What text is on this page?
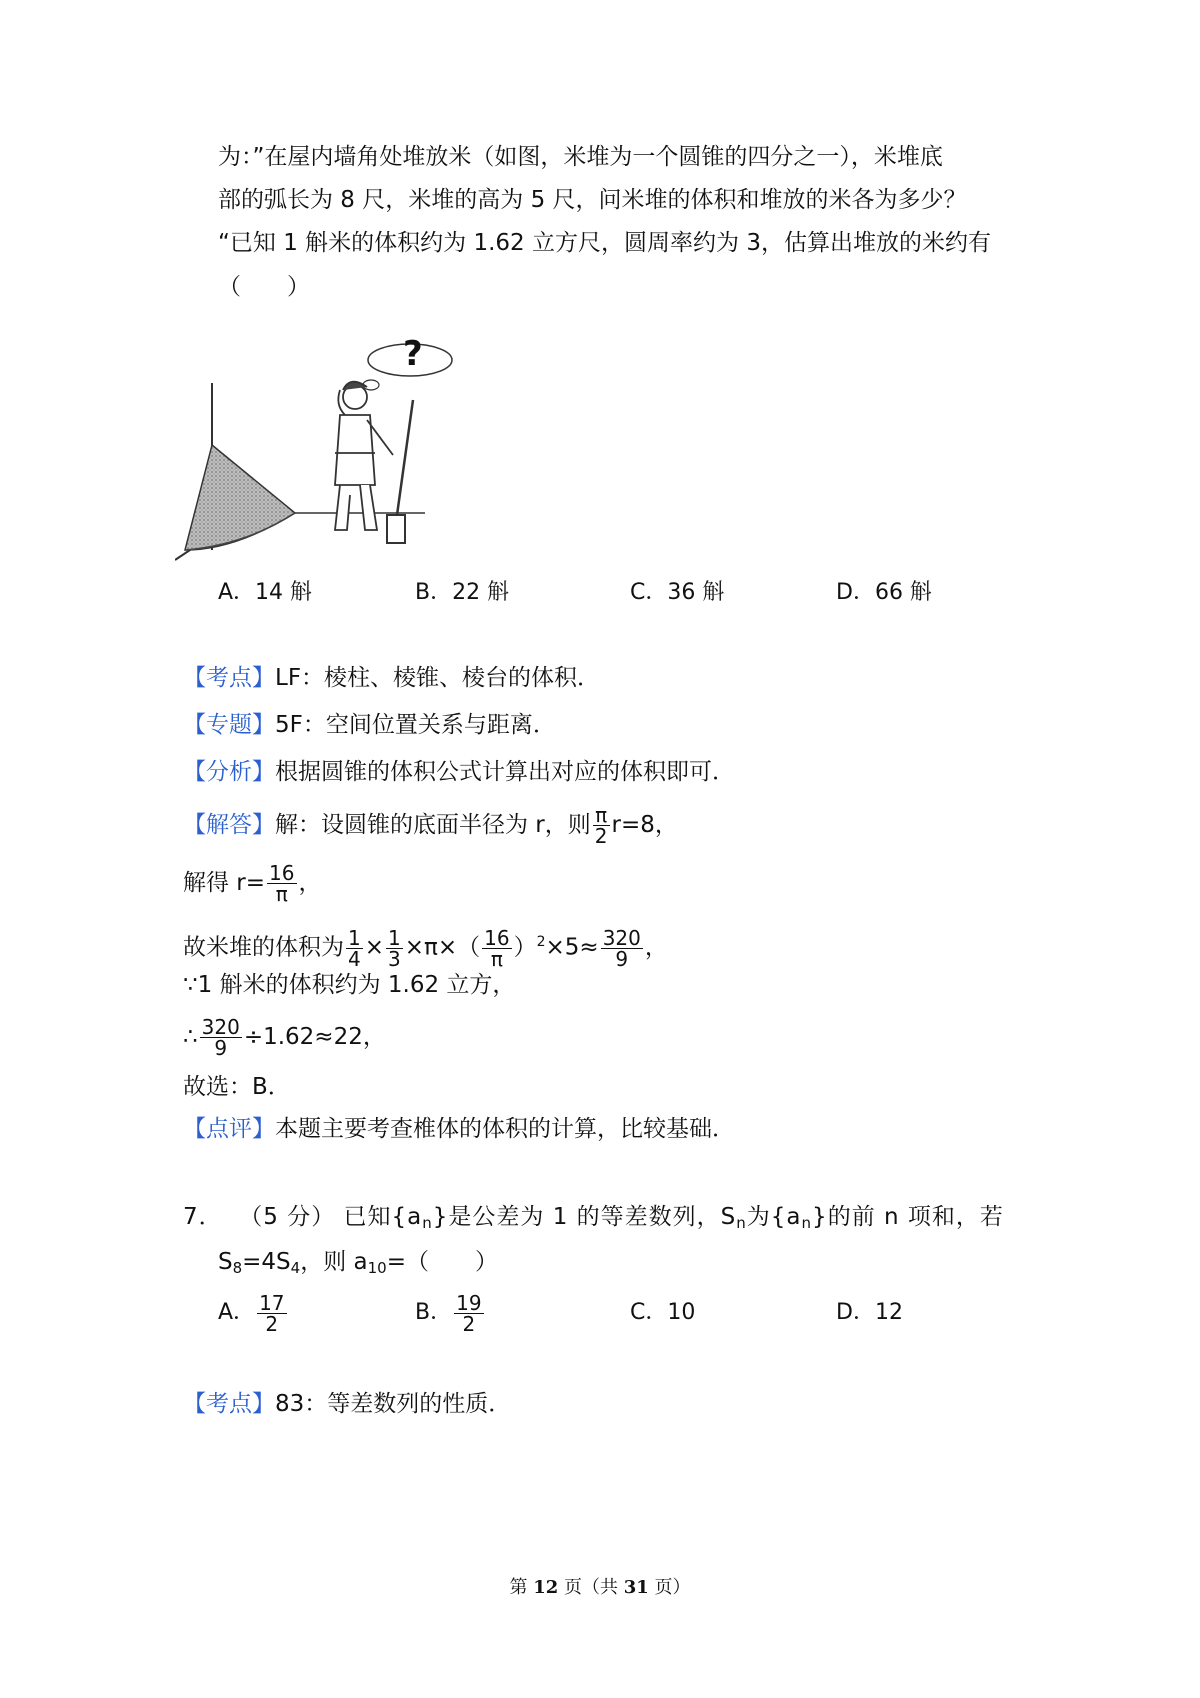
为：”在屋内墙角处堆放米（如图，米堆为一个圆锥的四分之一），米堆底
部的弧长为 8 尺，米堆的高为 5 尺，问米堆的体积和堆放的米各为多少？
“已知 1 斛米的体积约为 1.62 立方尺，圆周率约为 3，估算出堆放的米约有
（　　）
?
A．14 斛	B．22 斛	C．36 斛	D．66 斛
【考点】LF：棱柱、棱锥、棱台的体积．
【专题】5F：空间位置关系与距离．
【分析】根据圆锥的体积公式计算出对应的体积即可．
【解答】解：设圆锥的底面半径为 r，则 $\frac{\pi}{2} r=8$，
解得 $r= \frac{16}{\pi}$ ，
故米堆的体积为 $\frac{1}{4} \times \frac{1}{3} \times\pi\times( \frac{16}{\pi} )^2\times 5\approx \frac{320}{9}$ ，
∵1 斛米的体积约为 1.62 立方，
∴ $\frac{320}{9} \div 1.62\approx 22$，
故选：B．
【点评】本题主要考查椎体的体积的计算，比较基础．
7． （5 分） 已知$\{a_n\}$是公差为 1 的等差数列，$S_n$为$\{a_n\}$的前 n 项和，若
$S_8=4S_4$，则 $a_{10}=$（　　）
A． $\frac{17}{2}$	B． $\frac{19}{2}$	C．10	D．12
【考点】83：等差数列的性质．
第 12 页（共 31 页）
